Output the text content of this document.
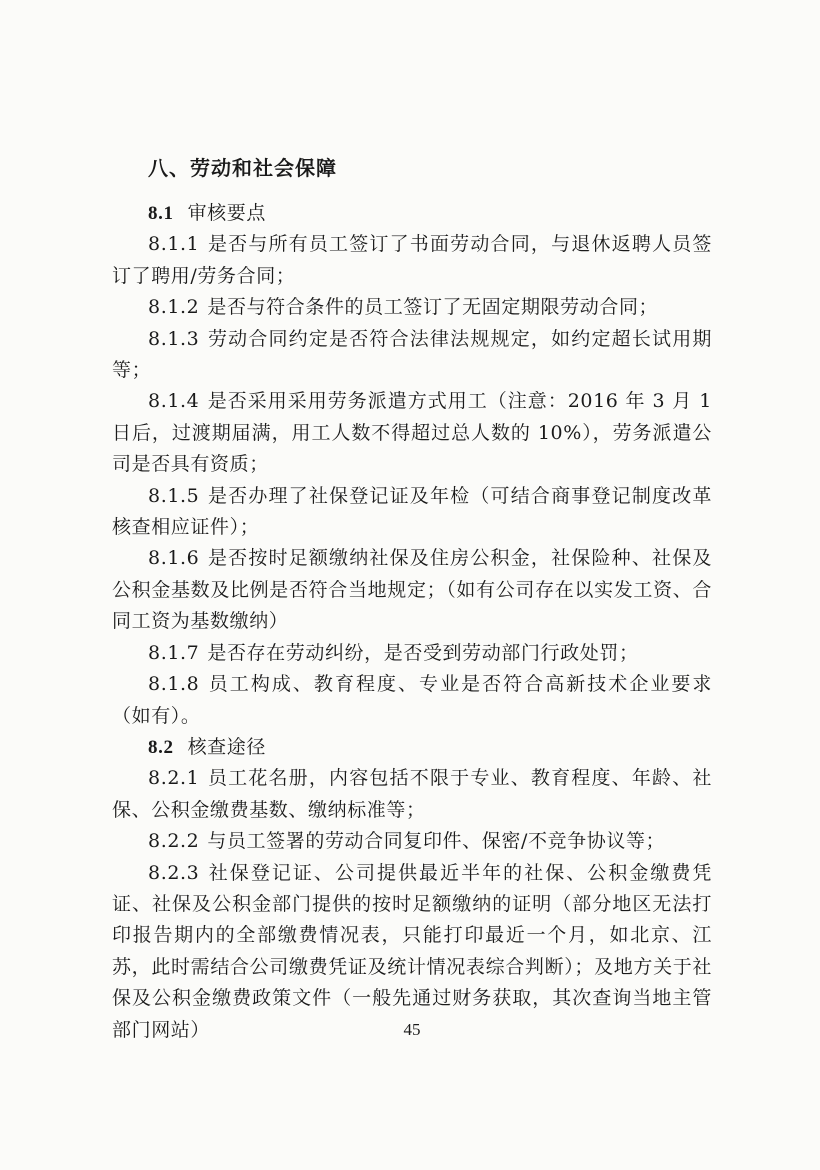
八、劳动和社会保障

8.1 审核要点

8.1.1 是否与所有员工签订了书面劳动合同，与退休返聘人员签订了聘用/劳务合同；

8.1.2 是否与符合条件的员工签订了无固定期限劳动合同；

8.1.3 劳动合同约定是否符合法律法规规定，如约定超长试用期等；

8.1.4 是否采用采用劳务派遣方式用工（注意：2016 年 3 月 1 日后，过渡期届满，用工人数不得超过总人数的 10%），劳务派遣公司是否具有资质；

8.1.5 是否办理了社保登记证及年检（可结合商事登记制度改革核查相应证件）；

8.1.6 是否按时足额缴纳社保及住房公积金，社保险种、社保及公积金基数及比例是否符合当地规定；（如有公司存在以实发工资、合同工资为基数缴纳）

8.1.7 是否存在劳动纠纷，是否受到劳动部门行政处罚；

8.1.8 员工构成、教育程度、专业是否符合高新技术企业要求（如有）。

8.2 核查途径

8.2.1 员工花名册，内容包括不限于专业、教育程度、年龄、社保、公积金缴费基数、缴纳标准等；

8.2.2 与员工签署的劳动合同复印件、保密/不竞争协议等；

8.2.3 社保登记证、公司提供最近半年的社保、公积金缴费凭证、社保及公积金部门提供的按时足额缴纳的证明（部分地区无法打印报告期内的全部缴费情况表，只能打印最近一个月，如北京、江苏，此时需结合公司缴费凭证及统计情况表综合判断）；及地方关于社保及公积金缴费政策文件（一般先通过财务获取，其次查询当地主管部门网站）	45
